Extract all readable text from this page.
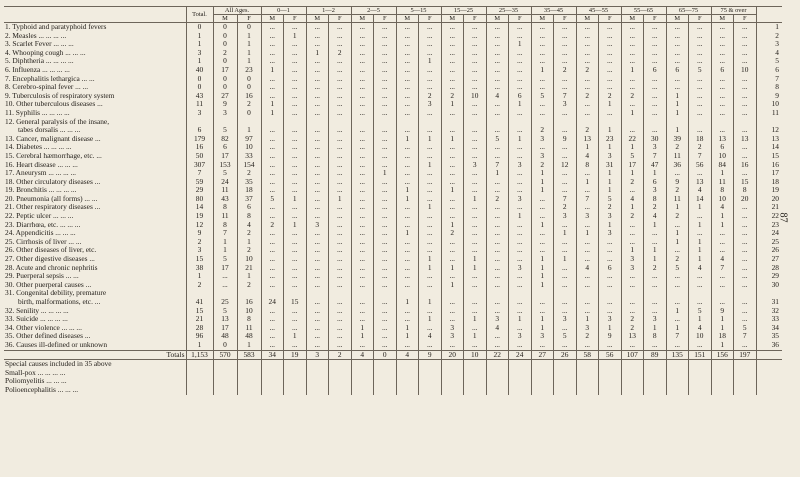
87
	Total.	All Ages.		0—1		1—2		2—5		5—15		15—25		25—35		35—45		45—55		55—65		65—75		75 & over		
		M	F	M	F	M	F	M	F	M	F	M	F	M	F	M	F	M	F	M	F	M	F	M	F	
1. Typhoid and paratyphoid fevers	0	0	0	...	...	...	...	...	...	...	...	...	...	...	...	...	...	...	...	...	...	...	...	...	...	1
2. Measles ... ... ... ...	1	0	1	...	1	...	...	...	...	...	...	...	...	...	...	...	...	...	...	...	...	...	...	...	...	2
3. Scarlet Fever ... ... ...	1	0	1	...	...	...	...	...	...	...	...	...	...	...	1	...	...	...	...	...	...	...	...	...	...	3
4. Whooping cough ... ... ...	3	2	1	...	...	1	2	...	...	...	...	...	...	...	...	...	...	...	...	...	...	...	...	...	...	4
5. Diphtheria ... ... ... ...	1	0	1	...	...	...	...	...	...	...	1	...	...	...	...	...	...	...	...	...	...	...	...	...	...	5
6. Influenza ... ... ... ...	40	17	23	1	...	...	...	...	...	...	...	...	...	...	...	1	2	2	...	1	6	6	5	6	10	6
7. Encephalitis lethargica ... ...	0	0	0	...	...	...	...	...	...	...	...	...	...	...	...	...	...	...	...	...	...	...	...	...	...	7
8. Cerebro-spinal fever ... ...	0	0	0	...	...	...	...	...	...	...	...	...	...	...	...	...	...	...	...	...	...	...	...	...	...	8
9. Tuberculosis of respiratory system	43	27	16	...	...	...	...	...	...	...	2	2	10	4	6	5	7	2	2	2	...	1	...	...	...	9
10. Other tuberculous diseases ...	11	9	2	1	...	...	...	...	...	...	3	1	...	...	1	...	3	...	1	...	...	1	...	...	...	10
11. Syphilis ... ... ... ...	3	3	0	1	...	...	...	...	...	...	...	...	...	...	...	...	...	...	...	1	...	1	...	...	...	11
12. General paralysis of the insane,																										
tabes dorsalis ... ... ...	6	5	1	...	...	...	...	...	...	...	...	...	...	...	...	2	...	2	1	...	...	1	...	...	...	12
13. Cancer, malignant disease ...	179	82	97	...	...	...	...	...	...	1	1	1	...	5	1	3	9	13	23	22	30	39	18	13	13	13
14. Diabetes ... ... ... ...	16	6	10	...	...	...	...	...	...	...	...	...	...	...	...	...	...	1	1	1	3	2	2	6	...	14
15. Cerebral hæmorrhage, etc. ...	50	17	33	...	...	...	...	...	...	...	...	...	...	...	...	3	...	4	3	5	7	11	7	10	...	15
16. Heart disease ... ... ...	307	153	154	...	...	...	...	...	...	...	1	...	3	7	3	2	12	8	31	17	47	36	56	84	16	16
17. Aneurysm ... ... ... ...	7	5	2	...	...	...	...	...	1	...	...	...	...	1	...	1	...	...	1	1	1	...	...	1	...	17
18. Other circulatory diseases ...	59	24	35	...	...	...	...	...	...	...	...	...	...	...	...	1	...	1	1	2	6	9	13	11	15	18
19. Bronchitis ... ... ... ...	29	11	18	...	...	...	...	...	...	1	...	1	...	...	...	1	...	...	1	...	3	2	4	8	8	19
20. Pneumonia (all forms) ... ...	80	43	37	5	1	...	1	...	...	1	...	...	1	2	3	...	7	7	5	4	8	11	14	10	20	20
21. Other respiratory diseases ...	14	8	6	...	...	...	...	...	...	...	1	...	...	...	...	...	2	...	2	1	2	1	1	4	...	21
22. Peptic ulcer ... ... ...	19	11	8	...	...	...	...	...	...	...	...	...	...	...	1	...	3	3	3	2	4	2	...	1	...	22
23. Diarrhœa, etc. ... ... ...	12	8	4	2	1	3	...	...	...	...	...	1	...	...	...	1	...	...	1	...	1	...	1	1	...	23
24. Appendicitis ... ... ...	9	7	2	...	...	...	...	...	...	1	...	2	...	...	...	...	1	1	3	...	...	1	...	...	...	24
25. Cirrhosis of liver ... ...	2	1	1	...	...	...	...	...	...	...	...	...	...	...	...	...	...	...	...	...	...	1	1	...	...	25
26. Other diseases of liver, etc.	3	1	2	...	...	...	...	...	...	...	...	...	...	...	...	...	...	...	...	1	1	...	1	...	...	26
27. Other digestive diseases ...	15	5	10	...	...	...	...	...	...	...	1	...	1	...	...	1	1	...	...	3	1	2	1	4	...	27
28. Acute and chronic nephritis	38	17	21	...	...	...	...	...	...	...	1	1	1	...	3	1	...	4	6	3	2	5	4	7	...	28
29. Puerperal sepsis ... ...	1	...	1	...	...	...	...	...	...	...	...	...	...	...	...	1	...	...	...	...	...	...	...	...	...	29
30. Other puerperal causes ...	2	...	2	...	...	...	...	...	...	...	...	1	...	...	...	1	...	...	...	...	...	...	...	...	...	30
31. Congenital debility, premature																										
birth, malformations, etc. ...	41	25	16	24	15	...	...	...	...	1	1	...	...	...	...	...	...	...	...	...	...	...	...	...	...	31
32. Senility ... ... ... ...	15	5	10	...	...	...	...	...	...	...	...	...	...	...	...	...	...	...	...	...	...	1	5	9	...	32
33. Suicide ... ... ... ...	21	13	8	...	...	...	...	...	...	...	1	...	1	3	1	1	3	1	3	2	3	...	1	1	...	33
34. Other violence ... ... ...	28	17	11	...	...	...	...	1	...	1	...	3	...	4	...	1	...	3	1	2	1	1	4	1	5	34
35. Other defined diseases ...	96	48	48	...	1	...	...	1	...	1	4	3	1	...	3	3	5	2	9	13	8	7	10	18	7	35
36. Causes ill-defined or unknown	1	0	1	...	...	...	...	...	...	...	...	...	...	...	...	...	...	...	...	...	...	...	...	1	...	36
Totals	1,153	570	583	34	19	3	2	4	0	4	9	20	10	22	24	27	26	58	56	107	89	135	151	156	197	
Special causes included in 35 above																										
Small-pox ... ... ... ...																										
Poliomyelitis ... ... ...																										
Polioencephalitis ... ... ...																										
